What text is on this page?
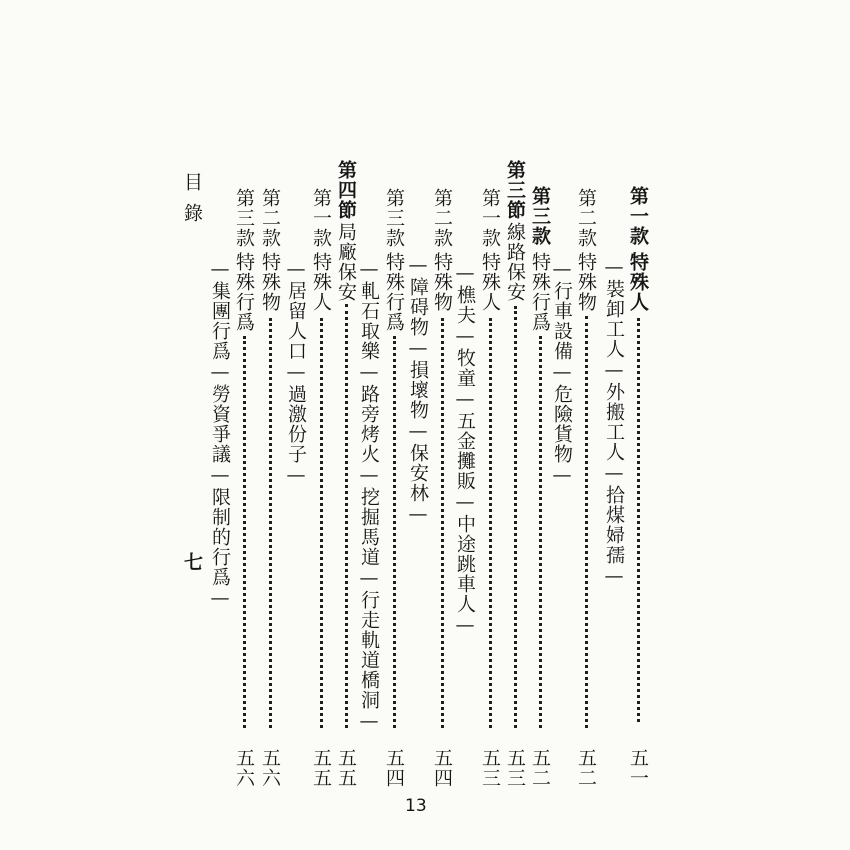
第一款
特殊人
五一
—裝卸工人—外搬工人—拾煤婦孺—
第二款
特殊物
五二
—行車設備—危險貨物—
第三款
特殊行爲
五二
第三節
線路保安
五三
第一款
特殊人
五三
—樵夫—牧童—五金攤販—中途跳車人—
第二款
特殊物
五四
—障碍物—損壞物—保安林—
第三款
特殊行爲
五四
—軋石取樂—路旁烤火—挖掘馬道—行走軌道橋洞—
第四節
局廠保安
五五
第一款
特殊人
五五
—居留人口—過激份子—
第二款
特殊物
五六
第三款
特殊行爲
五六
—集團行爲—勞資爭議—限制的行爲—
目錄
七
13
